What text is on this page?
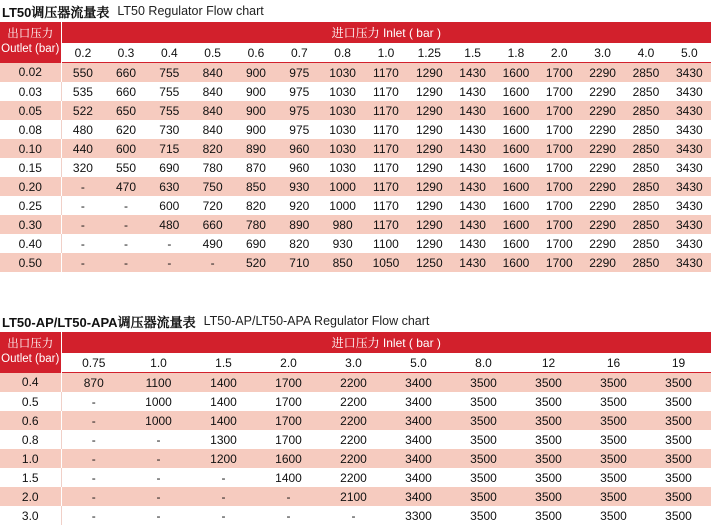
LT50调压器流量表 LT50 Regulator Flow chart
出口压力
Outlet (bar)	进口压力 Inlet ( bar )														
	0.2	0.3	0.4	0.5	0.6	0.7	0.8	1.0	1.25	1.5	1.8	2.0	3.0	4.0	5.0
0.02	550	660	755	840	900	975	1030	1170	1290	1430	1600	1700	2290	2850	3430
0.03	535	660	755	840	900	975	1030	1170	1290	1430	1600	1700	2290	2850	3430
0.05	522	650	755	840	900	975	1030	1170	1290	1430	1600	1700	2290	2850	3430
0.08	480	620	730	840	900	975	1030	1170	1290	1430	1600	1700	2290	2850	3430
0.10	440	600	715	820	890	960	1030	1170	1290	1430	1600	1700	2290	2850	3430
0.15	320	550	690	780	870	960	1030	1170	1290	1430	1600	1700	2290	2850	3430
0.20	-	470	630	750	850	930	1000	1170	1290	1430	1600	1700	2290	2850	3430
0.25	-	-	600	720	820	920	1000	1170	1290	1430	1600	1700	2290	2850	3430
0.30	-	-	480	660	780	890	980	1170	1290	1430	1600	1700	2290	2850	3430
0.40	-	-	-	490	690	820	930	1100	1290	1430	1600	1700	2290	2850	3430
0.50	-	-	-	-	520	710	850	1050	1250	1430	1600	1700	2290	2850	3430
LT50-AP/LT50-APA调压器流量表 LT50-AP/LT50-APA Regulator Flow chart
出口压力
Outlet (bar)	进口压力 Inlet ( bar )									
	0.75	1.0	1.5	2.0	3.0	5.0	8.0	12	16	19
0.4	870	1100	1400	1700	2200	3400	3500	3500	3500	3500
0.5	-	1000	1400	1700	2200	3400	3500	3500	3500	3500
0.6	-	1000	1400	1700	2200	3400	3500	3500	3500	3500
0.8	-	-	1300	1700	2200	3400	3500	3500	3500	3500
1.0	-	-	1200	1600	2200	3400	3500	3500	3500	3500
1.5	-	-	-	1400	2200	3400	3500	3500	3500	3500
2.0	-	-	-	-	2100	3400	3500	3500	3500	3500
3.0	-	-	-	-	-	3300	3500	3500	3500	3500
